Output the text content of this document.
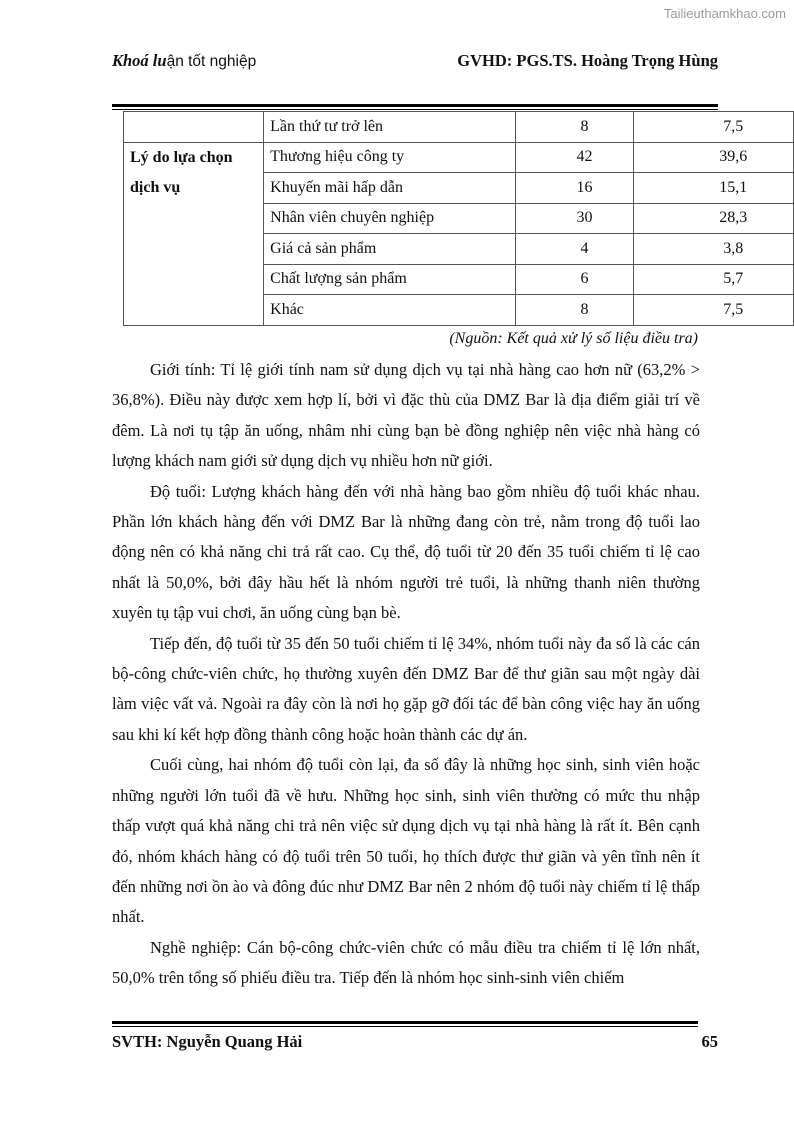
Tailieuthamkhao.com
Khoá luận tốt nghiệp	GVHD: PGS.TS. Hoàng Trọng Hùng
	Lần thứ tư trở lên	8	7,5

Lý do lựa chọn dịch vụ	Thương hiệu công ty	42	39,6
	Khuyến mãi hấp dẫn	16	15,1
	Nhân viên chuyên nghiệp	30	28,3
	Giá cả sản phẩm	4	3,8
	Chất lượng sản phẩm	6	5,7
	Khác	8	7,5
(Nguồn: Kết quả xử lý số liệu điều tra)

Giới tính: Tỉ lệ giới tính nam sử dụng dịch vụ tại nhà hàng cao hơn nữ (63,2% > 36,8%). Điều này được xem hợp lí, bởi vì đặc thù của DMZ Bar là địa điểm giải trí về đêm. Là nơi tụ tập ăn uống, nhâm nhi cùng bạn bè đồng nghiệp nên việc nhà hàng có lượng khách nam giới sử dụng dịch vụ nhiều hơn nữ giới.

Độ tuổi: Lượng khách hàng đến với nhà hàng bao gồm nhiều độ tuổi khác nhau. Phần lớn khách hàng đến với DMZ Bar là những đang còn trẻ, nằm trong độ tuổi lao động nên có khả năng chi trả rất cao. Cụ thể, độ tuổi từ 20 đến 35 tuổi chiếm tỉ lệ cao nhất là 50,0%, bởi đây hầu hết là nhóm người trẻ tuổi, là những thanh niên thường xuyên tụ tập vui chơi, ăn uống cùng bạn bè.

Tiếp đến, độ tuổi từ 35 đến 50 tuổi chiếm tỉ lệ 34%, nhóm tuổi này đa số là các cán bộ-công chức-viên chức, họ thường xuyên đến DMZ Bar để thư giãn sau một ngày dài làm việc vất vả. Ngoài ra đây còn là nơi họ gặp gỡ đối tác để bàn công việc hay ăn uống sau khi kí kết hợp đồng thành công hoặc hoàn thành các dự án.

Cuối cùng, hai nhóm độ tuổi còn lại, đa số đây là những học sinh, sinh viên hoặc những người lớn tuổi đã về hưu. Những học sinh, sinh viên thường có mức thu nhập thấp vượt quá khả năng chi trả nên việc sử dụng dịch vụ tại nhà hàng là rất ít. Bên cạnh đó, nhóm khách hàng có độ tuổi trên 50 tuổi, họ thích được thư giãn và yên tĩnh nên ít đến những nơi ồn ào và đông đúc như DMZ Bar nên 2 nhóm độ tuổi này chiếm tỉ lệ thấp nhất.

Nghề nghiệp: Cán bộ-công chức-viên chức có mẫu điều tra chiếm tỉ lệ lớn nhất, 50,0% trên tổng số phiếu điều tra. Tiếp đến là nhóm học sinh-sinh viên chiếm

SVTH: Nguyễn Quang Hải	65
